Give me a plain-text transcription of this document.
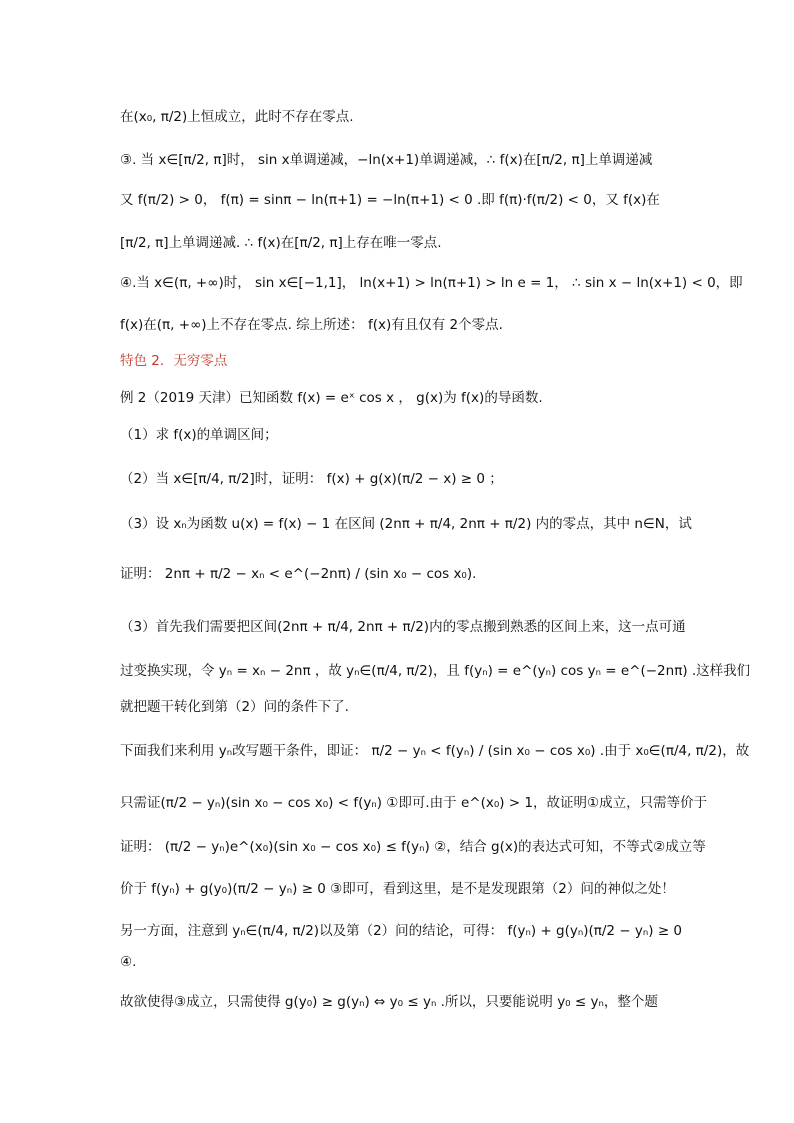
在(x₀, π/2)上恒成立，此时不存在零点.
③. 当 x∈[π/2, π]时， sin x单调递减，−ln(x+1)单调递减，∴ f(x)在[π/2, π]上单调递减
又 f(π/2) > 0， f(π) = sinπ − ln(π+1) = −ln(π+1) < 0 .即 f(π)·f(π/2) < 0，又 f(x)在
[π/2, π]上单调递减. ∴ f(x)在[π/2, π]上存在唯一零点.
④.当 x∈(π, +∞)时， sin x∈[−1,1]， ln(x+1) > ln(π+1) > ln e = 1， ∴ sin x − ln(x+1) < 0，即
f(x)在(π, +∞)上不存在零点. 综上所述： f(x)有且仅有 2个零点.
特色 2．无穷零点
例 2（2019 天津）已知函数 f(x) = eˣ cos x ， g(x)为 f(x)的导函数.
（1）求 f(x)的单调区间；
（2）当 x∈[π/4, π/2]时，证明： f(x) + g(x)(π/2 − x) ≥ 0 ；
（3）设 xₙ为函数 u(x) = f(x) − 1 在区间 (2nπ + π/4, 2nπ + π/2) 内的零点，其中 n∈N，试
证明： 2nπ + π/2 − xₙ < e^(−2nπ) / (sin x₀ − cos x₀).
（3）首先我们需要把区间(2nπ + π/4, 2nπ + π/2)内的零点搬到熟悉的区间上来，这一点可通
过变换实现，令 yₙ = xₙ − 2nπ ，故 yₙ∈(π/4, π/2)，且 f(yₙ) = e^(yₙ) cos yₙ = e^(−2nπ) .这样我们
就把题干转化到第（2）问的条件下了.
下面我们来利用 yₙ改写题干条件，即证： π/2 − yₙ < f(yₙ) / (sin x₀ − cos x₀) .由于 x₀∈(π/4, π/2)，故
只需证(π/2 − yₙ)(sin x₀ − cos x₀) < f(yₙ) ①即可.由于 e^(x₀) > 1，故证明①成立，只需等价于
证明： (π/2 − yₙ)e^(x₀)(sin x₀ − cos x₀) ≤ f(yₙ) ②，结合 g(x)的表达式可知，不等式②成立等
价于 f(yₙ) + g(y₀)(π/2 − yₙ) ≥ 0 ③即可，看到这里，是不是发现跟第（2）问的神似之处！
另一方面，注意到 yₙ∈(π/4, π/2)以及第（2）问的结论，可得： f(yₙ) + g(yₙ)(π/2 − yₙ) ≥ 0
④.
故欲使得③成立，只需使得 g(y₀) ≥ g(yₙ) ⇔ y₀ ≤ yₙ .所以，只要能说明 y₀ ≤ yₙ，整个题
